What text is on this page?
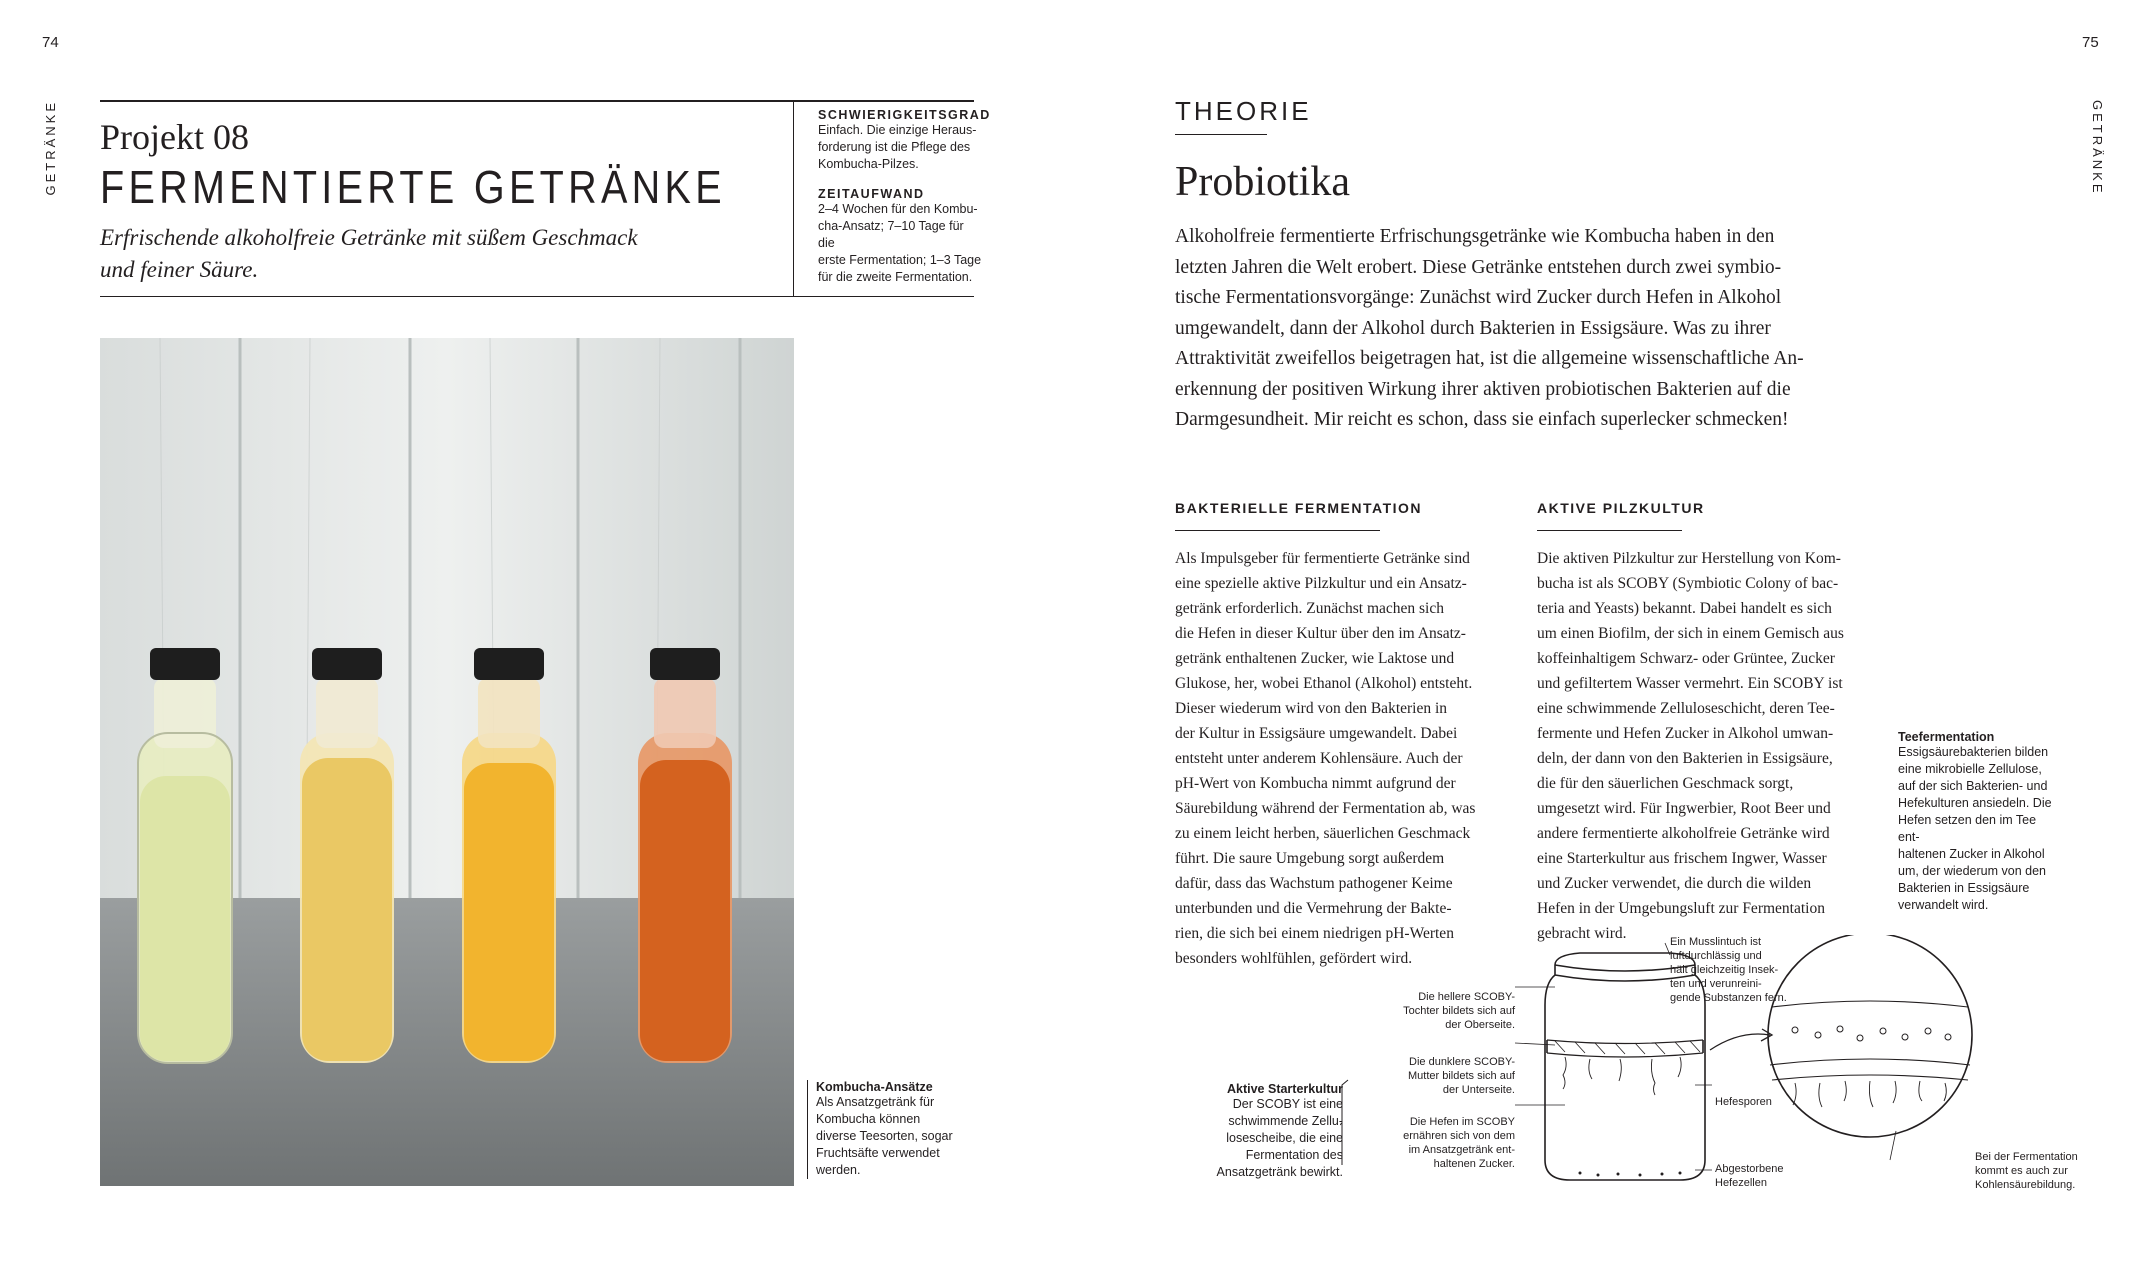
74
GETRÄNKE Projekt 08
FERMENTIERTE GETRÄNKE
Erfrischende alkoholfreie Getränke mit süßem Geschmack und feiner Säure.
SCHWIERIGKEITSGRAD
Einfach. Die einzige Heraus-
forderung ist die Pflege des
Kombucha-Pilzes.
ZEITAUFWAND
2–4 Wochen für den Kombu-
cha-Ansatz; 7–10 Tage für die
erste Fermentation; 1–3 Tage
für die zweite Fermentation.
Kombucha-Ansätze
Als Ansatzgetränk für
Kombucha können
diverse Teesorten, sogar
Fruchtsäfte verwendet
werden.
75
GETRÄNKE
THEORIE
Probiotika
Alkoholfreie fermentierte Erfrischungsgetränke wie Kombucha haben in den
letzten Jahren die Welt erobert. Diese Getränke entstehen durch zwei symbio-
tische Fermentationsvorgänge: Zunächst wird Zucker durch Hefen in Alkohol
umgewandelt, dann der Alkohol durch Bakterien in Essigsäure. Was zu ihrer
Attraktivität zweifellos beigetragen hat, ist die allgemeine wissenschaftliche An-
erkennung der positiven Wirkung ihrer aktiven probiotischen Bakterien auf die
Darmgesundheit. Mir reicht es schon, dass sie einfach superlecker schmecken!
BAKTERIELLE FERMENTATION
Als Impulsgeber für fermentierte Getränke sind
eine spezielle aktive Pilzkultur und ein Ansatz-
getränk erforderlich. Zunächst machen sich
die Hefen in dieser Kultur über den im Ansatz-
getränk enthaltenen Zucker, wie Laktose und
Glukose, her, wobei Ethanol (Alkohol) entsteht.
Dieser wiederum wird von den Bakterien in
der Kultur in Essigsäure umgewandelt. Dabei
entsteht unter anderem Kohlensäure. Auch der
pH-Wert von Kombucha nimmt aufgrund der
Säurebildung während der Fermentation ab, was
zu einem leicht herben, säuerlichen Geschmack
führt. Die saure Umgebung sorgt außerdem
dafür, dass das Wachstum pathogener Keime
unterbunden und die Vermehrung der Bakte-
rien, die sich bei einem niedrigen pH-Werten
besonders wohlfühlen, gefördert wird.
AKTIVE PILZKULTUR
Die aktiven Pilzkultur zur Herstellung von Kom-
bucha ist als SCOBY (Symbiotic Colony of bac-
teria and Yeasts) bekannt. Dabei handelt es sich
um einen Biofilm, der sich in einem Gemisch aus
koffeinhaltigem Schwarz- oder Grüntee, Zucker
und gefiltertem Wasser vermehrt. Ein SCOBY ist
eine schwimmende Zelluloseschicht, deren Tee-
fermente und Hefen Zucker in Alkohol umwan-
deln, der dann von den Bakterien in Essigsäure,
die für den säuerlichen Geschmack sorgt,
umgesetzt wird. Für Ingwerbier, Root Beer und
andere fermentierte alkoholfreie Getränke wird
eine Starterkultur aus frischem Ingwer, Wasser
und Zucker verwendet, die durch die wilden
Hefen in der Umgebungsluft zur Fermentation
gebracht wird.
Teefermentation
Essigsäurebakterien bilden
eine mikrobielle Zellulose,
auf der sich Bakterien- und
Hefekulturen ansiedeln. Die
Hefen setzen den im Tee ent-
haltenen Zucker in Alkohol
um, der wiederum von den
Bakterien in Essigsäure
verwandelt wird.
Aktive Starterkultur
Der SCOBY ist eine
schwimmende Zellu-
losescheibe, die eine
Fermentation des
Ansatzgetränk bewirkt.
Ein Musslintuch ist
luftdurchlässig und
hält gleichzeitig Insek-
ten und verunreini-
gende Substanzen fern.
Die hellere SCOBY-
Tochter bildets sich auf
der Oberseite.
Die dunklere SCOBY-
Mutter bildets sich auf
der Unterseite.
Die Hefen im SCOBY
ernähren sich von dem
im Ansatzgetränk ent-
haltenen Zucker.
Hefesporen
Abgestorbene
Hefezellen
Bei der Fermentation
kommt es auch zur
Kohlensäurebildung.
